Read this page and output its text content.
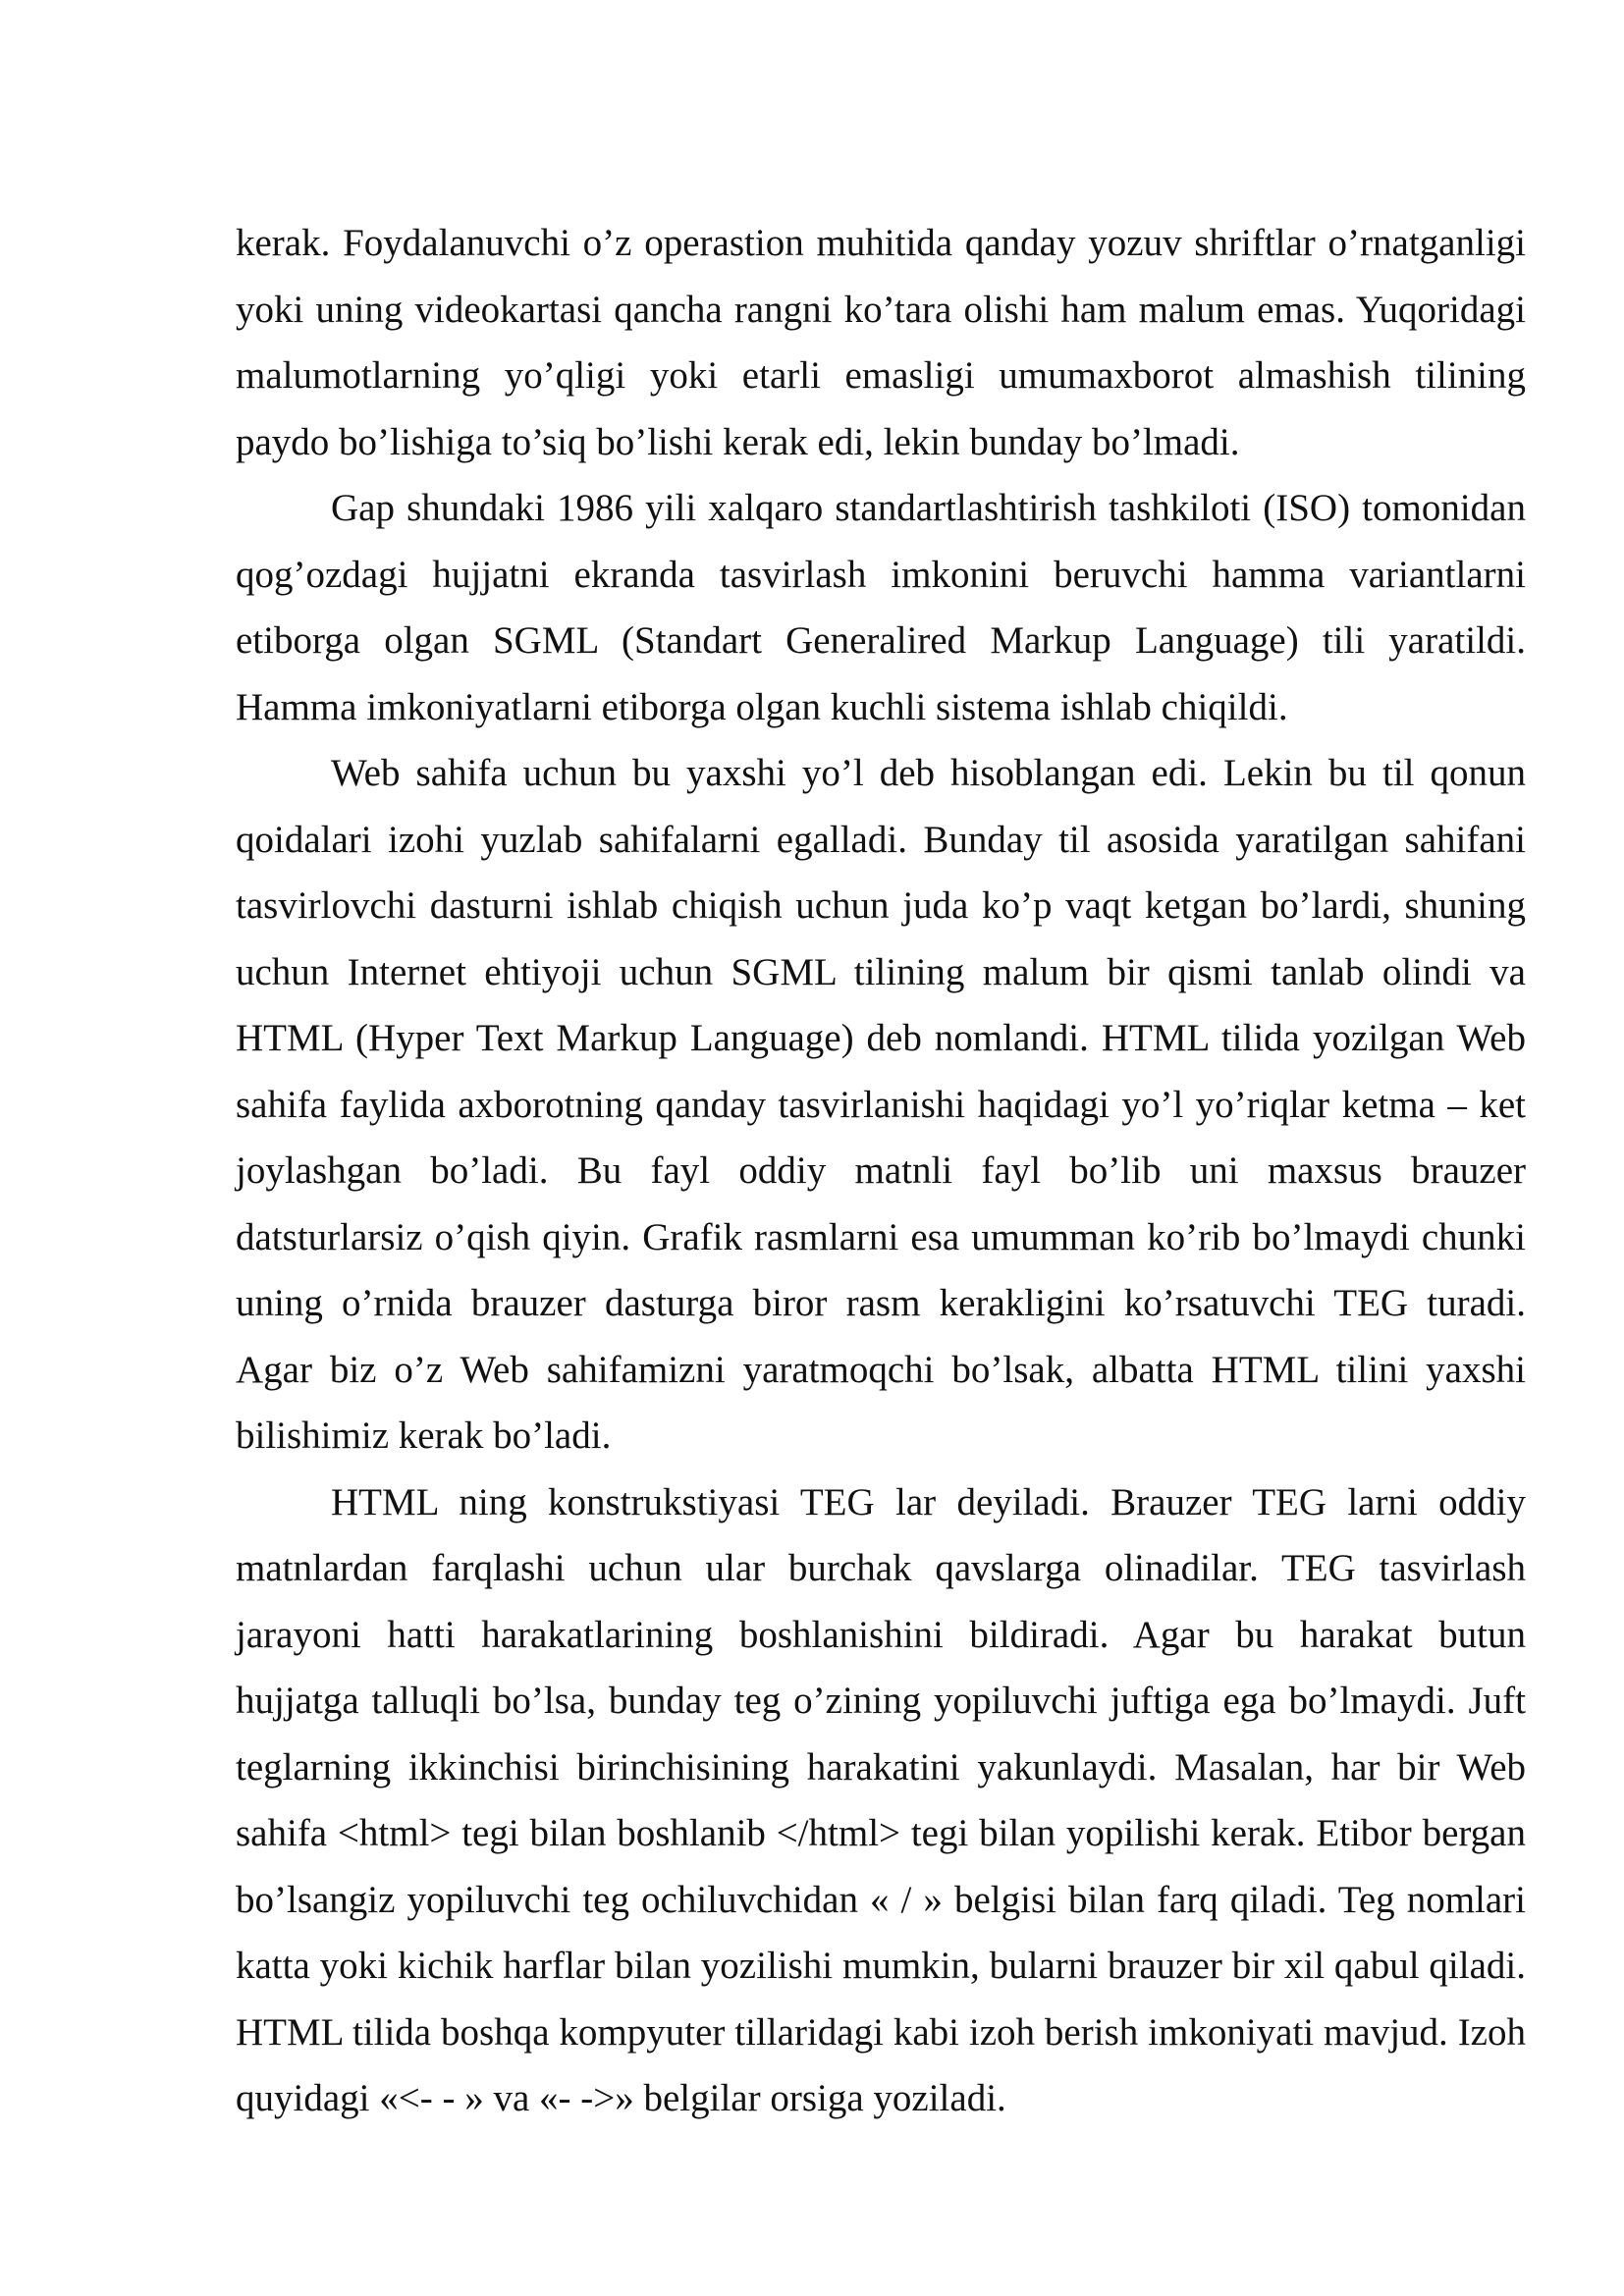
kerak. Foydalanuvchi o’z operastion muhitida qanday yozuv shriftlar o’rnatganligi yoki uning videokartasi qancha rangni ko’tara olishi ham malum emas. Yuqoridagi malumotlarning yo’qligi yoki etarli emasligi umumaxborot almashish tilining paydo bo’lishiga to’siq bo’lishi kerak edi, lekin bunday bo’lmadi.

Gap shundaki 1986 yili xalqaro standartlashtirish tashkiloti (ISO) tomonidan qog’ozdagi hujjatni ekranda tasvirlash imkonini beruvchi hamma variantlarni etiborga olgan SGML (Standart Generalired Markup Language) tili yaratildi. Hamma imkoniyatlarni etiborga olgan kuchli sistema ishlab chiqildi.

Web sahifa uchun bu yaxshi yo’l deb hisoblangan edi. Lekin bu til qonun qoidalari izohi yuzlab sahifalarni egalladi. Bunday til asosida yaratilgan sahifani tasvirlovchi dasturni ishlab chiqish uchun juda ko’p vaqt ketgan bo’lardi, shuning uchun Internet ehtiyoji uchun SGML tilining malum bir qismi tanlab olindi va HTML (Hyper Text Markup Language) deb nomlandi. HTML tilida yozilgan Web sahifa faylida axborotning qanday tasvirlanishi haqidagi yo’l yo’riqlar ketma – ket joylashgan bo’ladi. Bu fayl oddiy matnli fayl bo’lib uni maxsus brauzer datsturlarsiz o’qish qiyin. Grafik rasmlarni esa umumman ko’rib bo’lmaydi chunki uning o’rnida brauzer dasturga biror rasm kerakligini ko’rsatuvchi TEG turadi. Agar biz o’z Web sahifamizni yaratmoqchi bo’lsak, albatta HTML tilini yaxshi bilishimiz kerak bo’ladi.

HTML ning konstrukstiyasi TEG lar deyiladi. Brauzer TEG larni oddiy matnlardan farqlashi uchun ular burchak qavslarga olinadilar. TEG tasvirlash jarayoni hatti harakatlarining boshlanishini bildiradi. Agar bu harakat butun hujjatga talluqli bo’lsa, bunday teg o’zining yopiluvchi juftiga ega bo’lmaydi. Juft teglarning ikkinchisi birinchisining harakatini yakunlaydi. Masalan, har bir Web sahifa <html> tegi bilan boshlanib </html> tegi bilan yopilishi kerak. Etibor bergan bo’lsangiz yopiluvchi teg ochiluvchidan « / » belgisi bilan farq qiladi. Teg nomlari katta yoki kichik harflar bilan yozilishi mumkin, bularni brauzer bir xil qabul qiladi. HTML tilida boshqa kompyuter tillaridagi kabi izoh berish imkoniyati mavjud. Izoh quyidagi «<- - » va «- ->» belgilar orsiga yoziladi.
